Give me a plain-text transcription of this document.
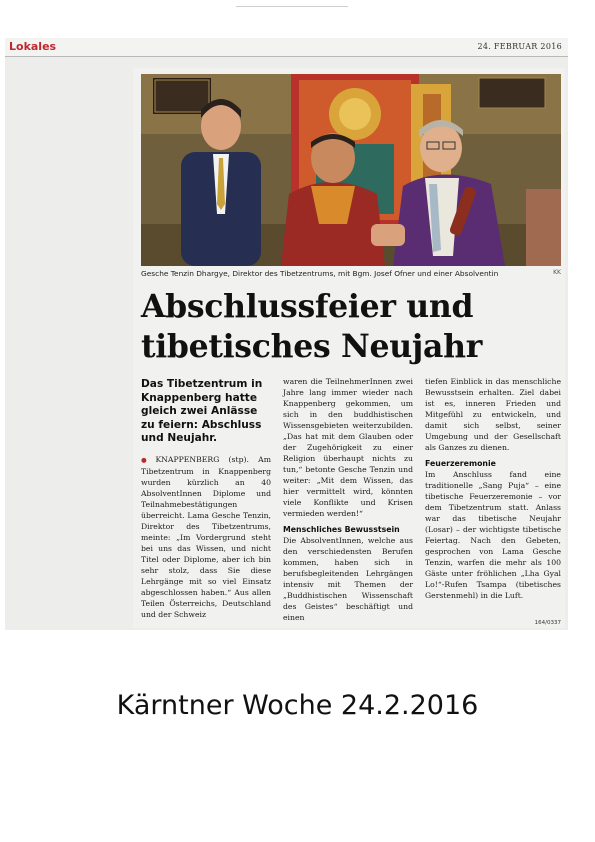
Lokales	24. FEBRUAR 2016
Gesche Tenzin Dhargye, Direktor des Tibetzentrums, mit Bgm. Josef Ofner und einer Absolventin	KK
Abschlussfeier und
tibetisches Neujahr
Das Tibetzentrum in Knappenberg hatte gleich zwei Anlässe zu feiern: Abschluss und Neujahr.

● KNAPPENBERG (stp). Am Tibetzentrum in Knappenberg wurden kürzlich an 40 AbsolventInnen Diplome und Teilnahmebestätigungen überreicht. Lama Gesche Tenzin, Direktor des Tibetzentrums, meinte: „Im Vordergrund steht bei uns das Wissen, und nicht Titel oder Diplome, aber ich bin sehr stolz, dass Sie diese Lehrgänge mit so viel Einsatz abgeschlossen haben.“ Aus allen Teilen Österreichs, Deutschland und der Schweiz

waren die TeilnehmerInnen zwei Jahre lang immer wieder nach Knappenberg gekommen, um sich in den buddhistischen Wissensgebieten weiterzubilden. „Das hat mit dem Glauben oder der Zugehörigkeit zu einer Religion überhaupt nichts zu tun,“ betonte Gesche Tenzin und weiter: „Mit dem Wissen, das hier vermittelt wird, könnten viele Konflikte und Krisen vermieden werden!“

Menschliches Bewusstsein

Die AbsolventInnen, welche aus den verschiedensten Berufen kommen, haben sich in berufsbegleitenden Lehrgängen intensiv mit Themen der „Buddhistischen Wissenschaft des Geistes“ beschäftigt und einen

tiefen Einblick in das menschliche Bewusstsein erhalten. Ziel dabei ist es, inneren Frieden und Mitgefühl zu entwickeln, und damit sich selbst, seiner Umgebung und der Gesellschaft als Ganzes zu dienen.

Feuerzeremonie

Im Anschluss fand eine traditionelle „Sang Puja“ – eine tibetische Feuerzeremonie – vor dem Tibetzentrum statt. Anlass war das tibetische Neujahr (Losar) – der wichtigste tibetische Feiertag. Nach den Gebeten, gesprochen von Lama Gesche Tenzin, warfen die mehr als 100 Gäste unter fröhlichen „Lha Gyal Lo!“-Rufen Tsampa (tibetisches Gerstenmehl) in die Luft.

164/0337
Kärntner Woche 24.2.2016
